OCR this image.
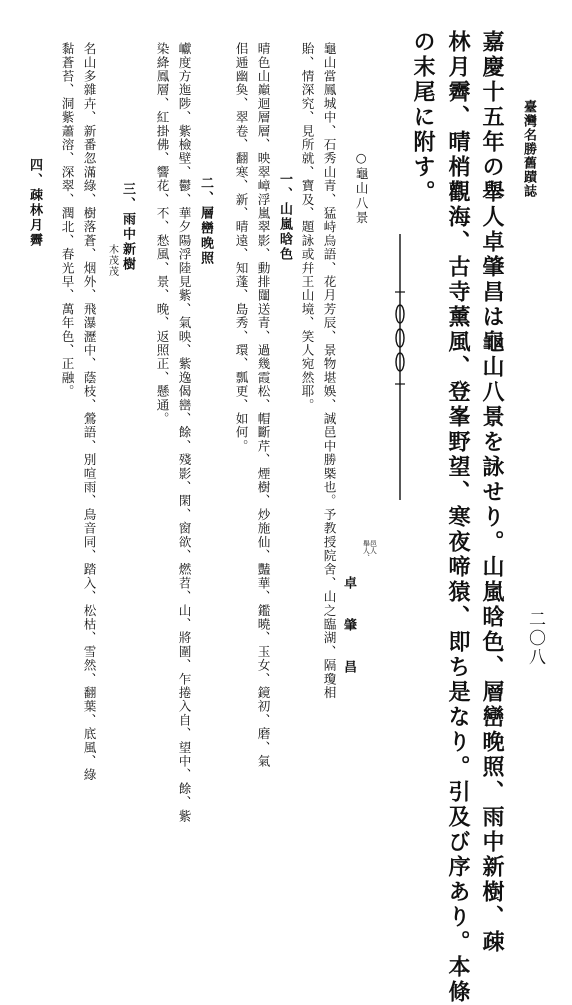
臺灣名勝舊蹟誌
二〇八
嘉慶十五年の舉人卓肇昌は龜山八景を詠せり。山嵐晗色、層巒晚照、雨中新樹、疎
林月霽、晴梢觀海、古寺薰風、登峯野望、寒夜啼猿、即ち是なり。引及び序あり。本條
の末尾に附す。
○龜山八景
邑人
舉人、
卓　肇　昌
龜山當鳳城中、石秀山青、猛峙烏語、花月芳辰、景物堪娛、誠邑中勝槩也。予教授院舍、山之臨湖、隔瓊相
貽、情深究、見所就、寶及、題詠或幷王山境、笑人宛然耶。
一、山嵐晗色
晴色山巔迴層層、映翠嶂浮嵐翠影、動排闥送青、過幾霞松、帽斷芹、煙樹、炒施仙、豔華、鑑曉、玉女、鏡初、磨、氣
佀逓幽奐、翠卷、翻寒、新、晴遠、知蓬、島秀、環、瓢更、如何。
二、層巒晚照
巘度方迤陟、紫檢壁、鬱、華夕陽浮陸見紫、氣映、紫逸偈巒、餘、殘影、閑、窗欲、燃苕、山、將圍、乍捲入自、望中、餘、紫
染絳鳳層、紅掛佛、響花、不、愁風、景、晚、返照正、懸通。
三、雨中新樹
木茂茂
名山多雜卉、新番忽滿綠、樹落蒼、烟外、飛瀑瀝中、蔭枝、鶯語、別喧雨、鳥音同、踏入、松枯、雪然、翻葉、底風、綠
黏蒼苔、洞紫蕭溶、深翠、潤北、春光早、萬年色、正融。
四、疎林月霽
